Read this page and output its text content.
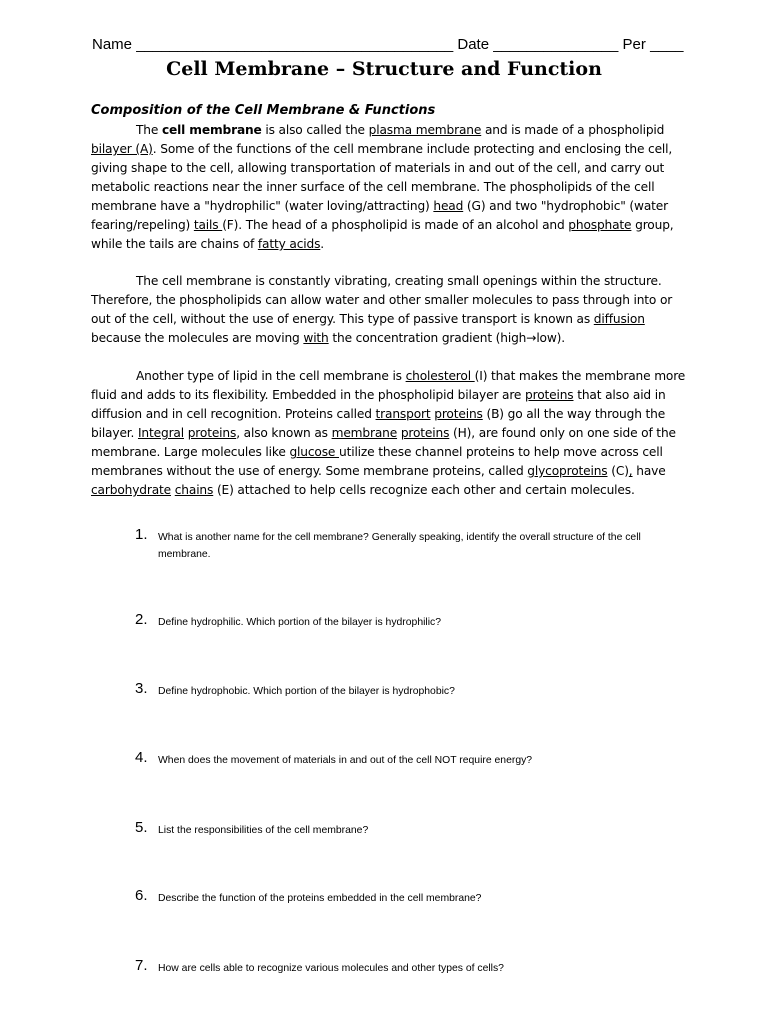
Name ______________________________________ Date _______________ Per ____
Cell Membrane – Structure and Function
Composition of the Cell Membrane & Functions

The cell membrane is also called the plasma membrane and is made of a phospholipid bilayer (A). Some of the functions of the cell membrane include protecting and enclosing the cell, giving shape to the cell, allowing transportation of materials in and out of the cell, and carry out metabolic reactions near the inner surface of the cell membrane. The phospholipids of the cell membrane have a "hydrophilic" (water loving/attracting) head (G) and two "hydrophobic" (water fearing/repeling) tails (F). The head of a phospholipid is made of an alcohol and phosphate group, while the tails are chains of fatty acids.

The cell membrane is constantly vibrating, creating small openings within the structure. Therefore, the phospholipids can allow water and other smaller molecules to pass through into or out of the cell, without the use of energy. This type of passive transport is known as diffusion because the molecules are moving with the concentration gradient (high→low).

Another type of lipid in the cell membrane is cholesterol (I) that makes the membrane more fluid and adds to its flexibility. Embedded in the phospholipid bilayer are proteins that also aid in diffusion and in cell recognition. Proteins called transport proteins (B) go all the way through the bilayer. Integral proteins, also known as membrane proteins (H), are found only on one side of the membrane. Large molecules like glucose utilize these channel proteins to help move across cell membranes without the use of energy. Some membrane proteins, called glycoproteins (C), have carbohydrate chains (E) attached to help cells recognize each other and certain molecules.

1. What is another name for the cell membrane? Generally speaking, identify the overall structure of the cell membrane.
2. Define hydrophilic. Which portion of the bilayer is hydrophilic?
3. Define hydrophobic. Which portion of the bilayer is hydrophobic?
4. When does the movement of materials in and out of the cell NOT require energy?
5. List the responsibilities of the cell membrane?
6. Describe the function of the proteins embedded in the cell membrane?
7. How are cells able to recognize various molecules and other types of cells?
